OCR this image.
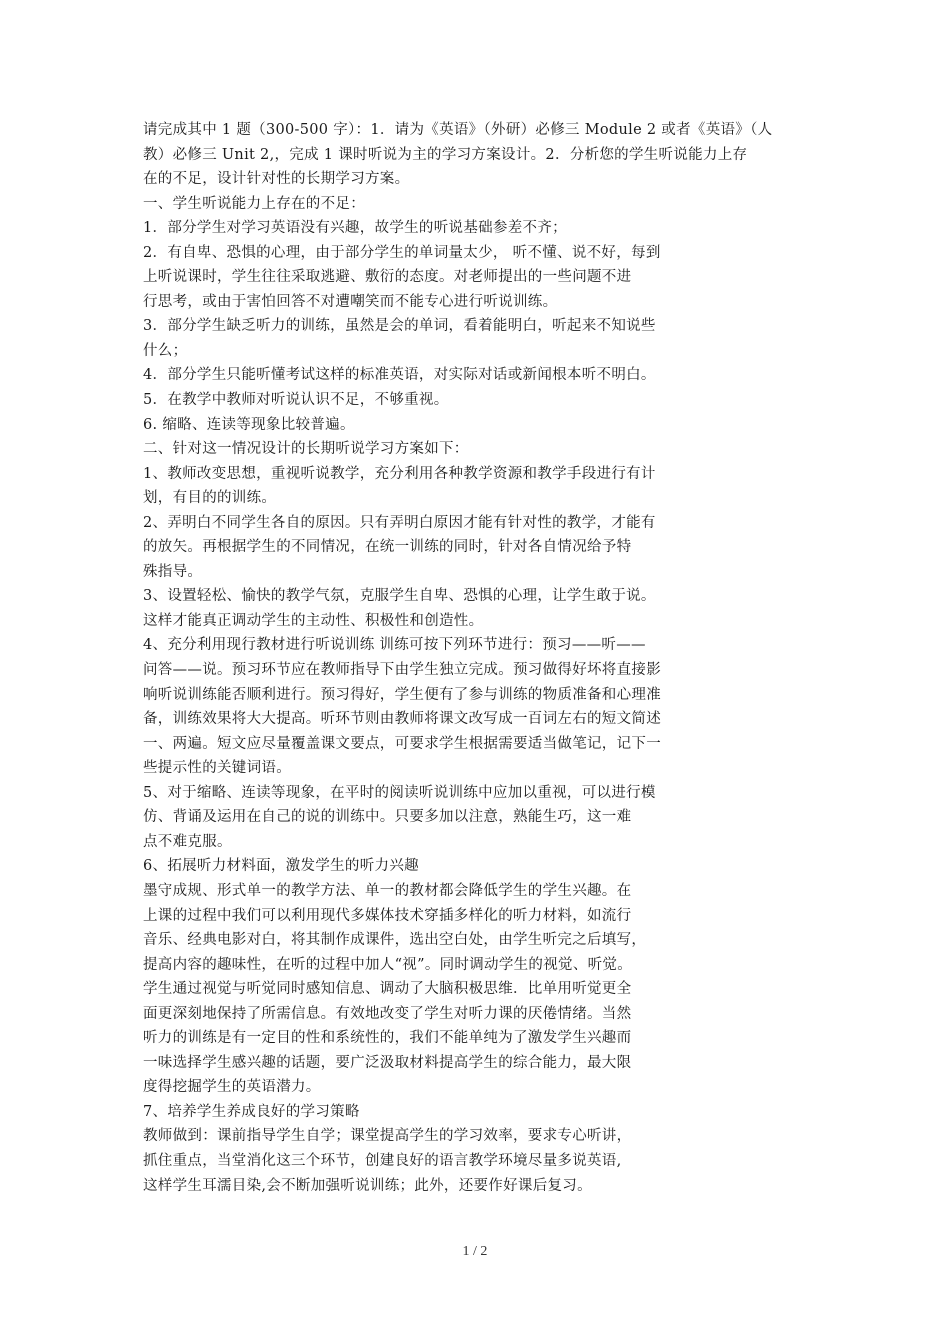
请完成其中 1 题（300-500 字）：1．请为《英语》（外研）必修三 Module 2 或者《英语》（人
教）必修三 Unit 2,，完成 1 课时听说为主的学习方案设计。2．分析您的学生听说能力上存
在的不足，设计针对性的长期学习方案。
一、学生听说能力上存在的不足：
1．部分学生对学习英语没有兴趣，故学生的听说基础参差不齐；
2．有自卑、恐惧的心理，由于部分学生的单词量太少， 听不懂、说不好，每到
上听说课时，学生往往采取逃避、敷衍的态度。对老师提出的一些问题不进
行思考，或由于害怕回答不对遭嘲笑而不能专心进行听说训练。
3．部分学生缺乏听力的训练，虽然是会的单词，看着能明白，听起来不知说些
什么；
4．部分学生只能听懂考试这样的标准英语，对实际对话或新闻根本听不明白。
5．在教学中教师对听说认识不足，不够重视。
6. 缩略、连读等现象比较普遍。
二、针对这一情况设计的长期听说学习方案如下：
1、教师改变思想，重视听说教学，充分利用各种教学资源和教学手段进行有计
划，有目的的训练。
2、弄明白不同学生各自的原因。只有弄明白原因才能有针对性的教学，才能有
的放矢。再根据学生的不同情况，在统一训练的同时，针对各自情况给予特
殊指导。
3、设置轻松、愉快的教学气氛，克服学生自卑、恐惧的心理，让学生敢于说。
这样才能真正调动学生的主动性、积极性和创造性。
4、充分利用现行教材进行听说训练 训练可按下列环节进行：预习——听——
问答——说。预习环节应在教师指导下由学生独立完成。预习做得好坏将直接影
响听说训练能否顺利进行。预习得好，学生便有了参与训练的物质准备和心理准
备，训练效果将大大提高。听环节则由教师将课文改写成一百词左右的短文简述
一、两遍。短文应尽量覆盖课文要点，可要求学生根据需要适当做笔记，记下一
些提示性的关键词语。
5、对于缩略、连读等现象，在平时的阅读听说训练中应加以重视，可以进行模
仿、背诵及运用在自己的说的训练中。只要多加以注意，熟能生巧，这一难
点不难克服。
6、拓展听力材料面，激发学生的听力兴趣
墨守成规、形式单一的教学方法、单一的教材都会降低学生的学生兴趣。在
上课的过程中我们可以利用现代多媒体技术穿插多样化的听力材料，如流行
音乐、经典电影对白，将其制作成课件，选出空白处，由学生听完之后填写，
提高内容的趣味性，在听的过程中加人“视”。同时调动学生的视觉、听觉。
学生通过视觉与听觉同时感知信息、调动了大脑积极思维．比单用听觉更全
面更深刻地保持了所需信息。有效地改变了学生对听力课的厌倦情绪。当然
听力的训练是有一定目的性和系统性的，我们不能单纯为了激发学生兴趣而
一味选择学生感兴趣的话题，要广泛汲取材料提高学生的综合能力，最大限
度得挖掘学生的英语潜力。
7、培养学生养成良好的学习策略
教师做到：课前指导学生自学；课堂提高学生的学习效率，要求专心听讲，
抓住重点，当堂消化这三个环节，创建良好的语言教学环境尽量多说英语,
这样学生耳濡目染,会不断加强听说训练；此外，还要作好课后复习。
1 / 2
